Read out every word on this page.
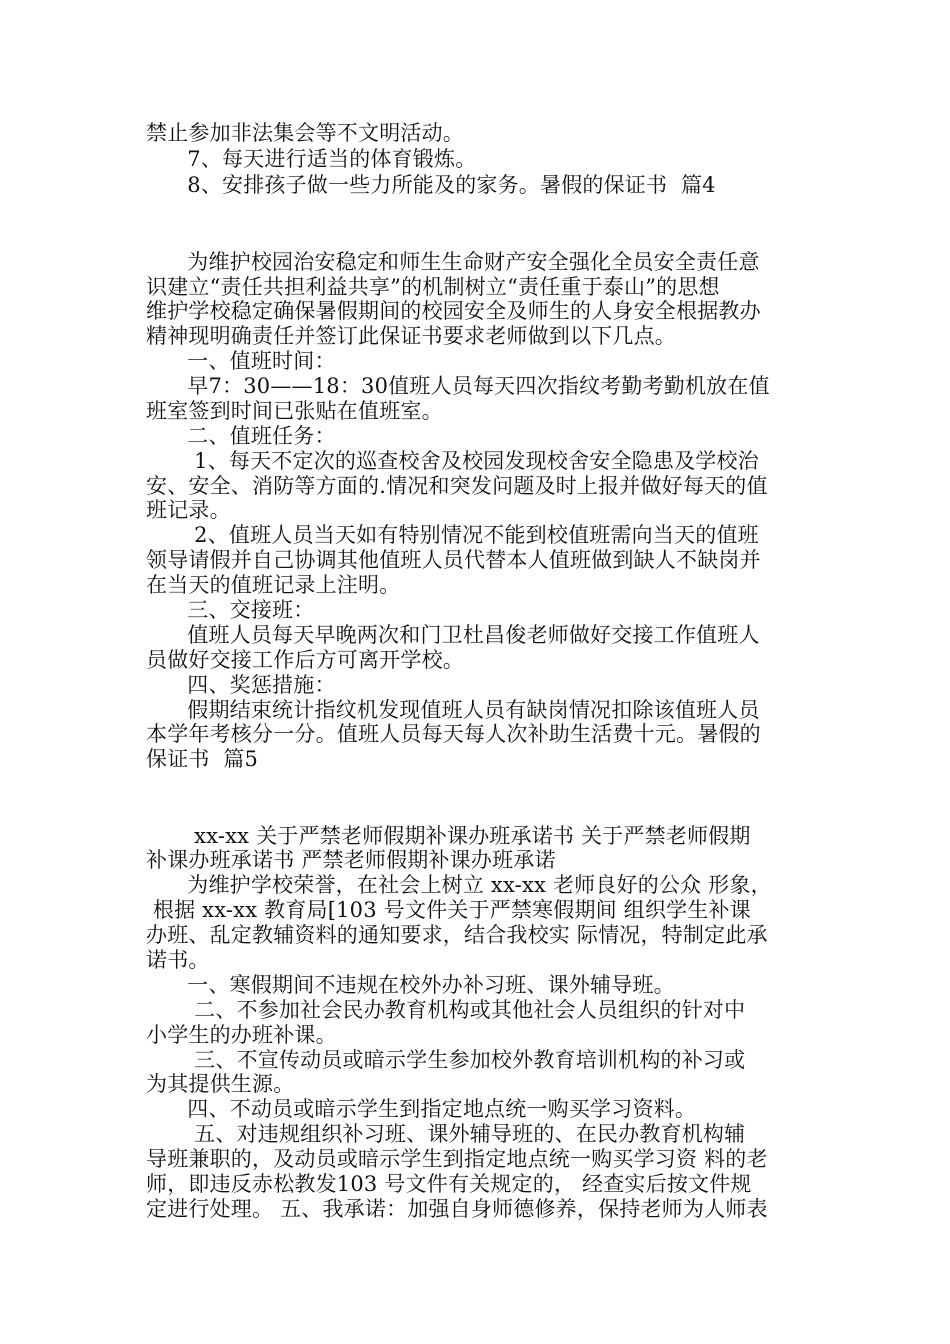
禁止参加非法集会等不文明活动。
7、每天进行适当的体育锻炼。
8、安排孩子做一些力所能及的家务。暑假的保证书  篇4
为维护校园治安稳定和师生生命财产安全强化全员安全责任意
识建立“责任共担利益共享”的机制树立“责任重于泰山”的思想
维护学校稳定确保暑假期间的校园安全及师生的人身安全根据教办
精神现明确责任并签订此保证书要求老师做到以下几点。
一、值班时间：
早7：30——18：30值班人员每天四次指纹考勤考勤机放在值
班室签到时间已张贴在值班室。
二、值班任务：
1、每天不定次的巡查校舍及校园发现校舍安全隐患及学校治
安、安全、消防等方面的.情况和突发问题及时上报并做好每天的值
班记录。
2、值班人员当天如有特别情况不能到校值班需向当天的值班
领导请假并自己协调其他值班人员代替本人值班做到缺人不缺岗并
在当天的值班记录上注明。
三、交接班：
值班人员每天早晚两次和门卫杜昌俊老师做好交接工作值班人
员做好交接工作后方可离开学校。
四、奖惩措施：
假期结束统计指纹机发现值班人员有缺岗情况扣除该值班人员
本学年考核分一分。值班人员每天每人次补助生活费十元。暑假的
保证书  篇5
xx-xx 关于严禁老师假期补课办班承诺书 关于严禁老师假期
补课办班承诺书 严禁老师假期补课办班承诺
为维护学校荣誉，在社会上树立 xx-xx 老师良好的公众 形象，
根据 xx-xx 教育局[103 号文件关于严禁寒假期间 组织学生补课
办班、乱定教辅资料的通知要求，结合我校实 际情况，特制定此承
诺书。
一、寒假期间不违规在校外办补习班、课外辅导班。
二、不参加社会民办教育机构或其他社会人员组织的针对中
小学生的办班补课。
三、不宣传动员或暗示学生参加校外教育培训机构的补习或
为其提供生源。
四、不动员或暗示学生到指定地点统一购买学习资料。
五、对违规组织补习班、课外辅导班的、在民办教育机构辅
导班兼职的，及动员或暗示学生到指定地点统一购买学习资 料的老
师，即违反赤松教发103 号文件有关规定的， 经查实后按文件规
定进行处理。 五、我承诺：加强自身师德修养，保持老师为人师表
